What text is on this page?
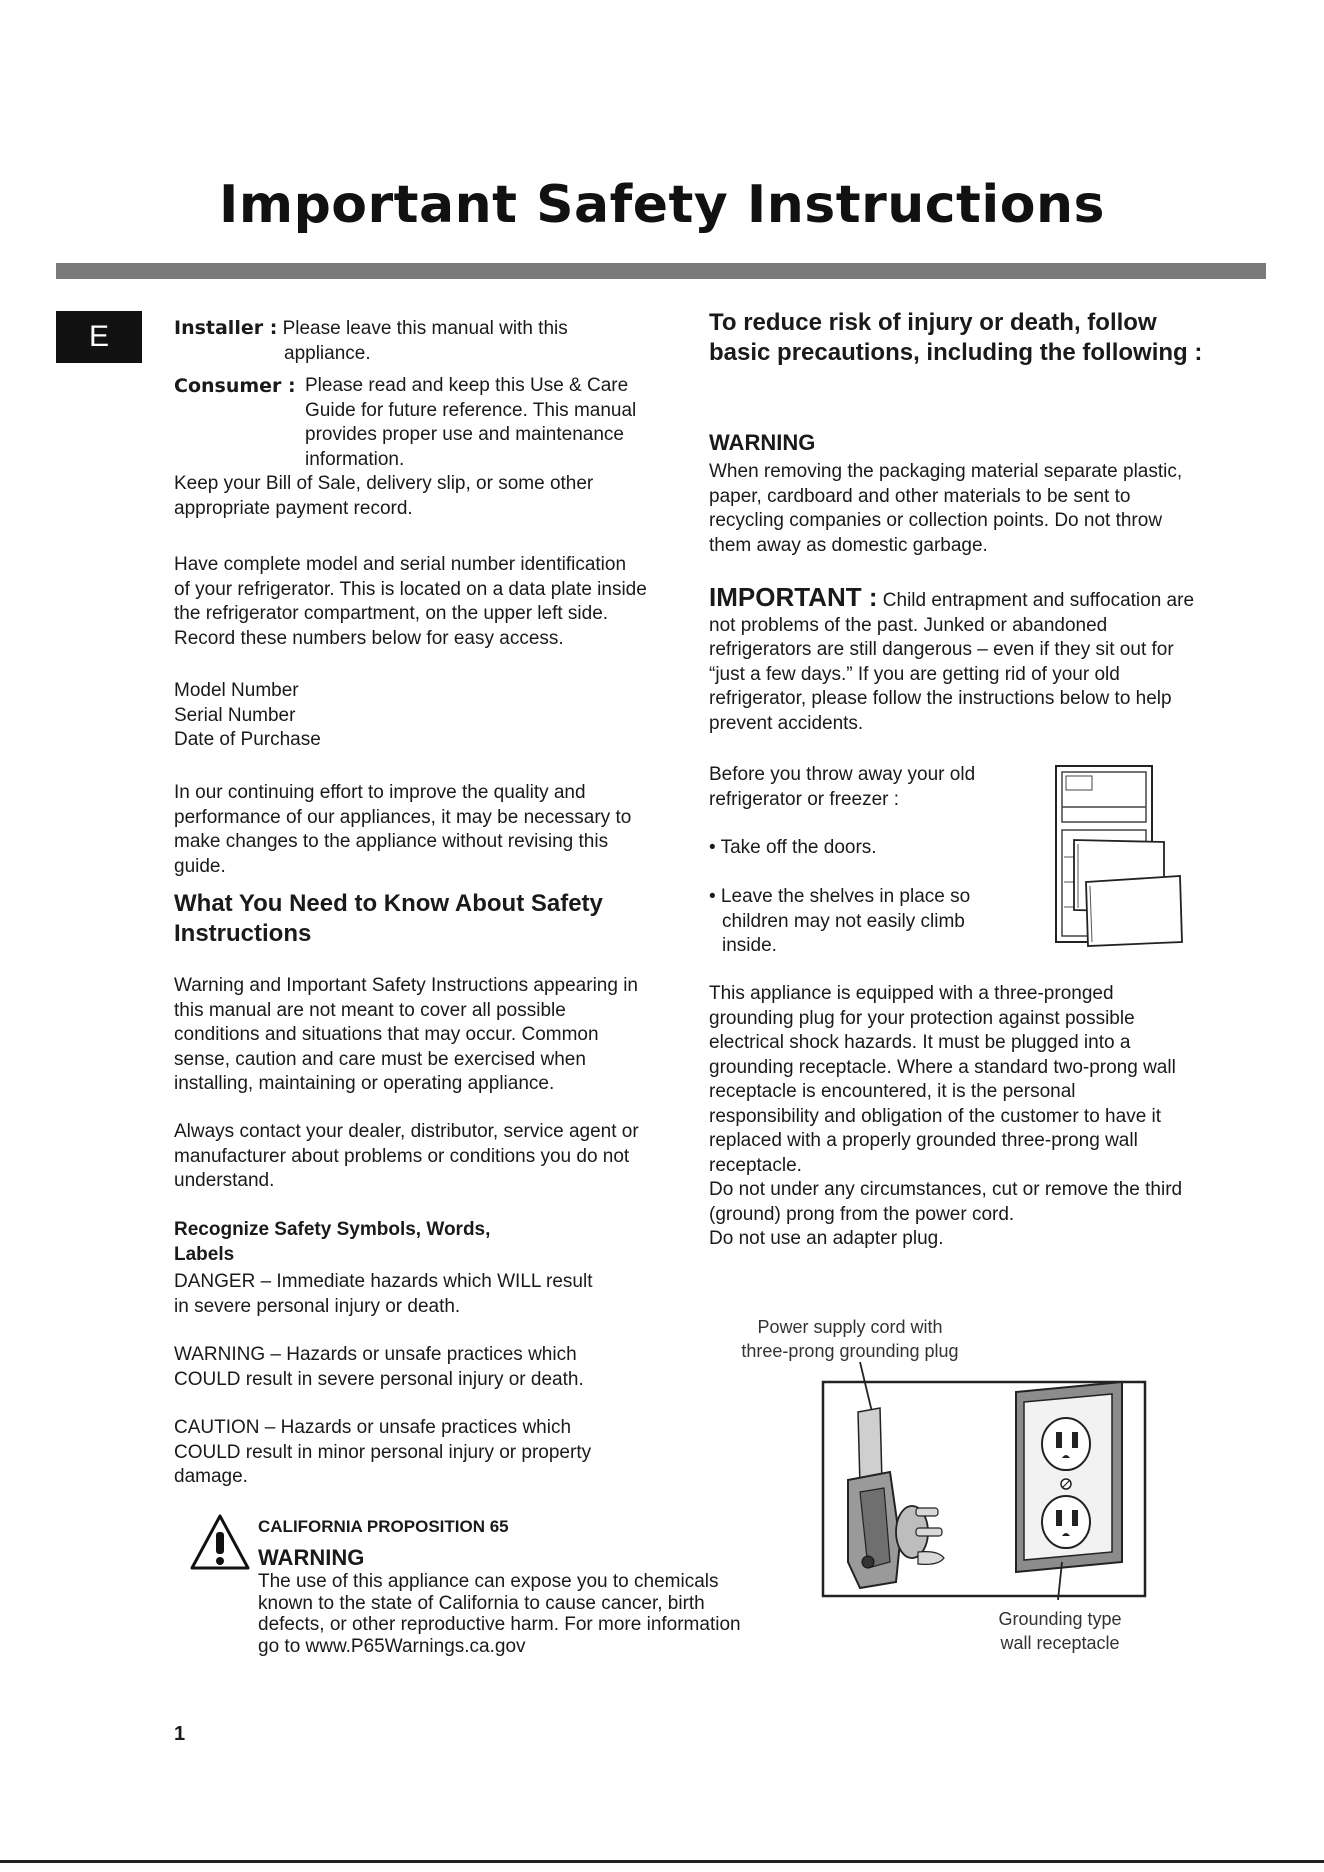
Important Safety Instructions
E	Installer : Please leave this manual with this
appliance.
Consumer : Please read and keep this Use & Care
Guide for future reference. This manual
provides proper use and maintenance
information.
Keep your Bill of Sale, delivery slip, or some other
appropriate payment record.
Have complete model and serial number identification
of your refrigerator. This is located on a data plate inside
the refrigerator compartment, on the upper left side.
Record these numbers below for easy access.
Model Number
Serial Number
Date of Purchase
In our continuing effort to improve the quality and
performance of our appliances, it may be necessary to
make changes to the appliance without revising this
guide.
What You Need to Know About Safety
Instructions
Warning and Important Safety Instructions appearing in
this manual are not meant to cover all possible
conditions and situations that may occur. Common
sense, caution and care must be exercised when
installing, maintaining or operating appliance.
Always contact your dealer, distributor, service agent or
manufacturer about problems or conditions you do not
understand.
Recognize Safety Symbols, Words,
Labels
DANGER – Immediate hazards which WILL result
in severe personal injury or death.
WARNING – Hazards or unsafe practices which
COULD result in severe personal injury or death.
CAUTION – Hazards or unsafe practices which
COULD result in minor personal injury or property
damage.
CALIFORNIA PROPOSITION 65
WARNING
The use of this appliance can expose you to chemicals
known to the state of California to cause cancer, birth
defects, or other reproductive harm. For more information
go to www.P65Warnings.ca.gov
To reduce risk of injury or death, follow
basic precautions, including the following :
WARNING
When removing the packaging material separate plastic,
paper, cardboard and other materials to be sent to
recycling companies or collection points. Do not throw
them away as domestic garbage.
IMPORTANT : Child entrapment and suffocation are
not problems of the past. Junked or abandoned
refrigerators are still dangerous – even if they sit out for
“just a few days.” If you are getting rid of your old
refrigerator, please follow the instructions below to help
prevent accidents.
Before you throw away your old
refrigerator or freezer :
• Take off the doors.
• Leave the shelves in place so
children may not easily climb
inside.
This appliance is equipped with a three-pronged
grounding plug for your protection against possible
electrical shock hazards. It must be plugged into a
grounding receptacle. Where a standard two-prong wall
receptacle is encountered, it is the personal
responsibility and obligation of the customer to have it
replaced with a properly grounded three-prong wall
receptacle.
Do not under any circumstances, cut or remove the third
(ground) prong from the power cord.
Do not use an adapter plug.
Power supply cord with
three-prong grounding plug
Grounding type
wall receptacle
1
